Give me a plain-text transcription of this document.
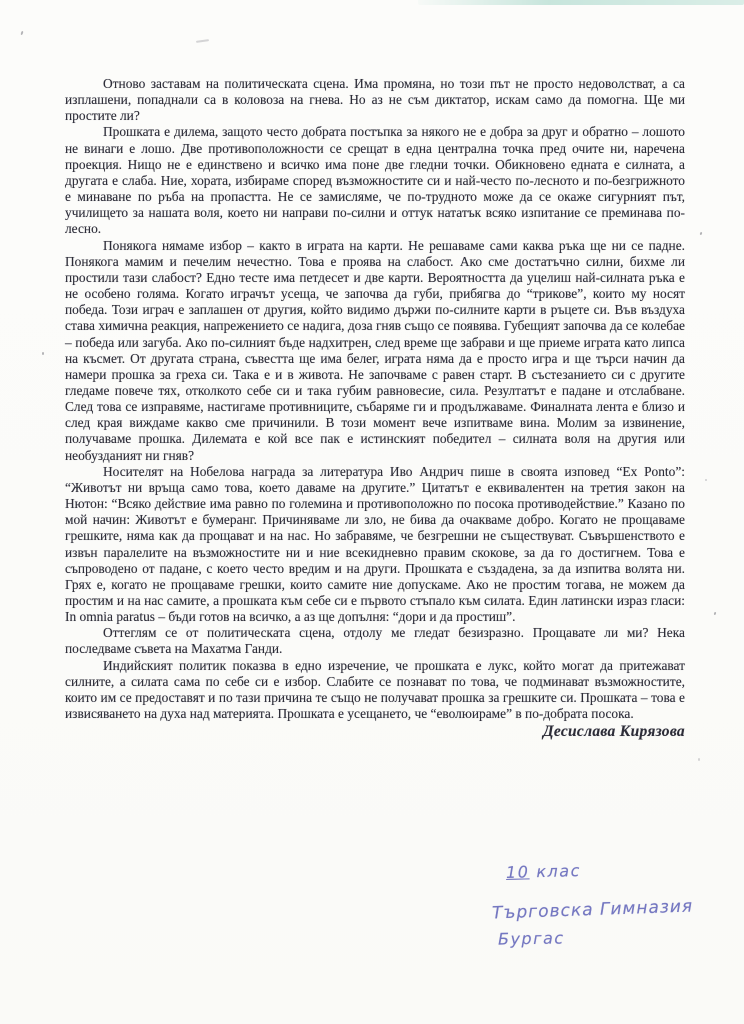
Отново заставам на политическата сцена. Има промяна, но този път не просто недоволстват, а са изплашени, попаднали са в коловоза на гнева. Но аз не съм диктатор, искам само да помогна. Ще ми простите ли?

Прошката е дилема, защото често добрата постъпка за някого не е добра за друг и обратно – лошото не винаги е лошо. Две противоположности се срещат в една централна точка пред очите ни, наречена проекция. Нищо не е единствено и всичко има поне две гледни точки. Обикновено едната е силната, а другата е слаба. Ние, хората, избираме според възможностите си и най-често по-лесното и по-безгрижното е минаване по ръба на пропастта. Не се замисляме, че по-трудното може да се окаже сигурният път, училището за нашата воля, което ни направи по-силни и оттук нататък всяко изпитание се преминава по-лесно.

Понякога нямаме избор – както в играта на карти. Не решаваме сами каква ръка ще ни се падне. Понякога мамим и печелим нечестно. Това е проява на слабост. Ако сме достатъчно силни, бихме ли простили тази слабост? Едно тесте има петдесет и две карти. Вероятността да уцелиш най-силната ръка е не особено голяма. Когато играчът усеща, че започва да губи, прибягва до “трикове”, които му носят победа. Този играч е заплашен от другия, който видимо държи по-силните карти в ръцете си. Във въздуха става химична реакция, напрежението се надига, доза гняв също се появява. Губещият започва да се колебае – победа или загуба. Ако по-силният бъде надхитрен, след време ще забрави и ще приеме играта като липса на късмет. От другата страна, съвестта ще има белег, играта няма да е просто игра и ще търси начин да намери прошка за греха си. Така е и в живота. Не започваме с равен старт. В състезанието си с другите гледаме повече тях, отколкото себе си и така губим равновесие, сила. Резултатът е падане и отслабване. След това се изправяме, настигаме противниците, събаряме ги и продължаваме. Финалната лента е близо и след края виждаме какво сме причинили. В този момент вече изпитваме вина. Молим за извинение, получаваме прошка. Дилемата е кой все пак е истинският победител – силната воля на другия или необузданият ни гняв?

Носителят на Нобелова награда за литература Иво Андрич пише в своята изповед “Ex Ponto”: “Животът ни връща само това, което даваме на другите.” Цитатът е еквивалентен на третия закон на Нютон: “Всяко действие има равно по големина и противоположно по посока противодействие.” Казано по мой начин: Животът е бумеранг. Причиняваме ли зло, не бива да очакваме добро. Когато не прощаваме грешките, няма как да прощават и на нас. Но забравяме, че безгрешни не съществуват. Съвършенството е извън паралелите на възможностите ни и ние всекидневно правим скокове, за да го достигнем. Това е съпроводено от падане, с което често вредим и на други. Прошката е създадена, за да изпитва волята ни. Грях е, когато не прощаваме грешки, които самите ние допускаме. Ако не простим тогава, не можем да простим и на нас самите, а прошката към себе си е първото стъпало към силата. Един латински израз гласи: In omnia paratus – бъди готов на всичко, а аз ще допълня: “дори и да простиш”.

Оттеглям се от политическата сцена, отдолу ме гледат безизразно. Прощавате ли ми? Нека последваме съвета на Махатма Ганди.

Индийският политик показва в едно изречение, че прошката е лукс, който могат да притежават силните, а силата сама по себе си е избор. Слабите се познават по това, че подминават възможностите, които им се предоставят и по тази причина те също не получават прошка за грешките си. Прошката – това е извисяването на духа над материята. Прошката е усещането, че “еволюираме” в по-добрата посока.

Десислава Кирязова

10 клас
Търговска Гимназия
Бургас
